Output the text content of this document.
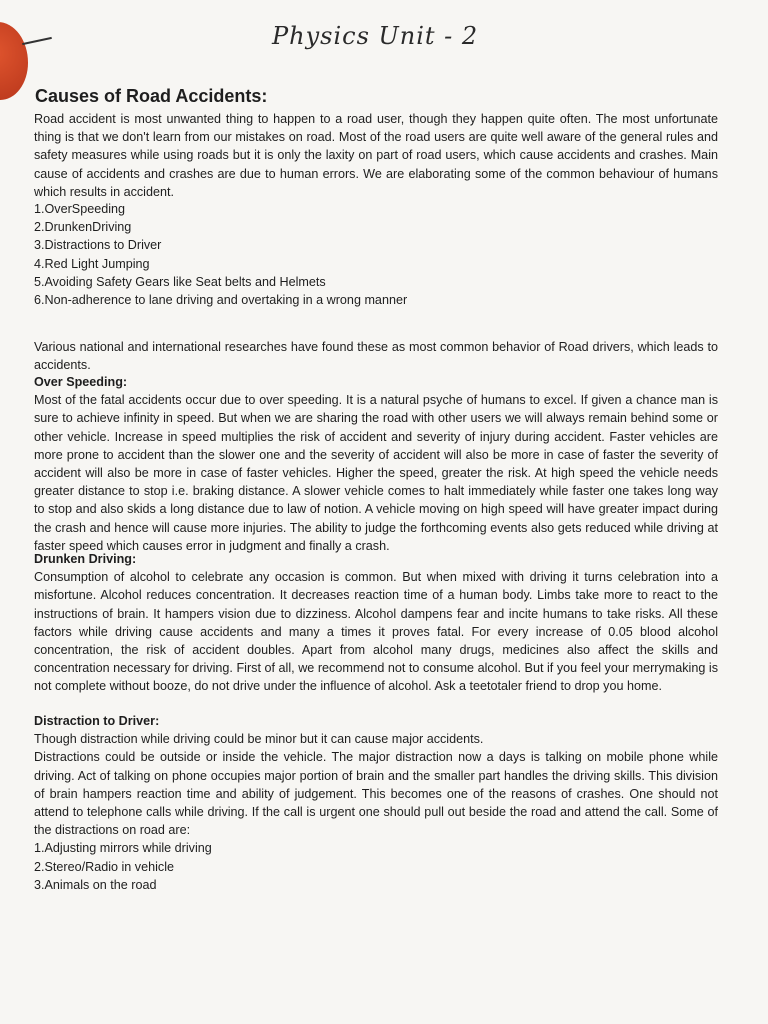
Physics Unit - 2
Causes of Road Accidents:
Road accident is most unwanted thing to happen to a road user, though they happen quite often. The most unfortunate thing is that we don't learn from our mistakes on road. Most of the road users are quite well aware of the general rules and safety measures while using roads but it is only the laxity on part of road users, which cause accidents and crashes. Main cause of accidents and crashes are due to human errors. We are elaborating some of the common behaviour of humans which results in accident.
1.OverSpeeding
2.DrunkenDriving
3.Distractions to Driver
4.Red Light Jumping
5.Avoiding Safety Gears like Seat belts and Helmets
6.Non-adherence to lane driving and overtaking in a wrong manner
Various national and international researches have found these as most common behavior of Road drivers, which leads to accidents.

Over Speeding:

Most of the fatal accidents occur due to over speeding. It is a natural psyche of humans to excel. If given a chance man is sure to achieve infinity in speed. But when we are sharing the road with other users we will always remain behind some or other vehicle. Increase in speed multiplies the risk of accident and severity of injury during accident. Faster vehicles are more prone to accident than the slower one and the severity of accident will also be more in case of faster the severity of accident will also be more in case of faster vehicles. Higher the speed, greater the risk. At high speed the vehicle needs greater distance to stop i.e. braking distance. A slower vehicle comes to halt immediately while faster one takes long way to stop and also skids a long distance due to law of notion. A vehicle moving on high speed will have greater impact during the crash and hence will cause more injuries. The ability to judge the forthcoming events also gets reduced while driving at faster speed which causes error in judgment and finally a crash.

Drunken Driving:

Consumption of alcohol to celebrate any occasion is common. But when mixed with driving it turns celebration into a misfortune. Alcohol reduces concentration. It decreases reaction time of a human body. Limbs take more to react to the instructions of brain. It hampers vision due to dizziness. Alcohol dampens fear and incite humans to take risks. All these factors while driving cause accidents and many a times it proves fatal. For every increase of 0.05 blood alcohol concentration, the risk of accident doubles. Apart from alcohol many drugs, medicines also affect the skills and concentration necessary for driving. First of all, we recommend not to consume alcohol. But if you feel your merrymaking is not complete without booze, do not drive under the influence of alcohol. Ask a teetotaler friend to drop you home.

Distraction to Driver:

Though distraction while driving could be minor but it can cause major accidents.

Distractions could be outside or inside the vehicle. The major distraction now a days is talking on mobile phone while driving. Act of talking on phone occupies major portion of brain and the smaller part handles the driving skills. This division of brain hampers reaction time and ability of judgement. This becomes one of the reasons of crashes. One should not attend to telephone calls while driving. If the call is urgent one should pull out beside the road and attend the call. Some of the distractions on road are:

1.Adjusting mirrors while driving

2.Stereo/Radio in vehicle

3.Animals on the road
